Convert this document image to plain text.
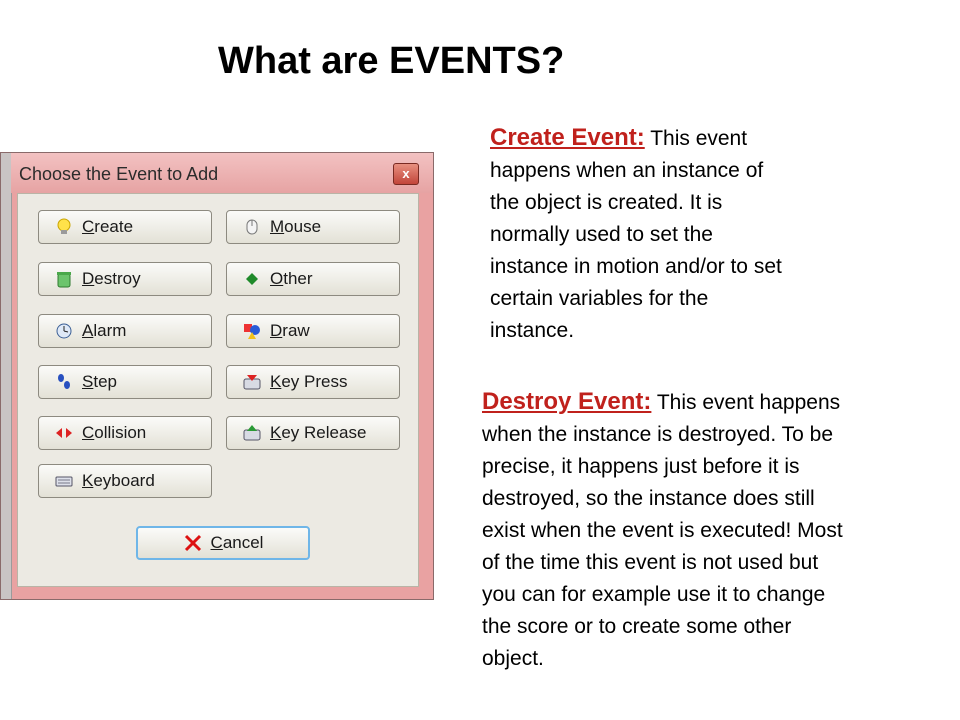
What are EVENTS?
Choose the Event to Add	x
Create	Mouse
Destroy	Other
Alarm	Draw
Step	Key Press
Collision	Key Release
Keyboard
Cancel
Create Event: This event
happens when an instance of
the object is created. It is
normally used to set the
instance in motion and/or to set
certain variables for the
instance.
Destroy Event: This event happens
when the instance is destroyed. To be
precise, it happens just before it is
destroyed, so the instance does still
exist when the event is executed! Most
of the time this event is not used but
you can for example use it to change
the score or to create some other
object.
